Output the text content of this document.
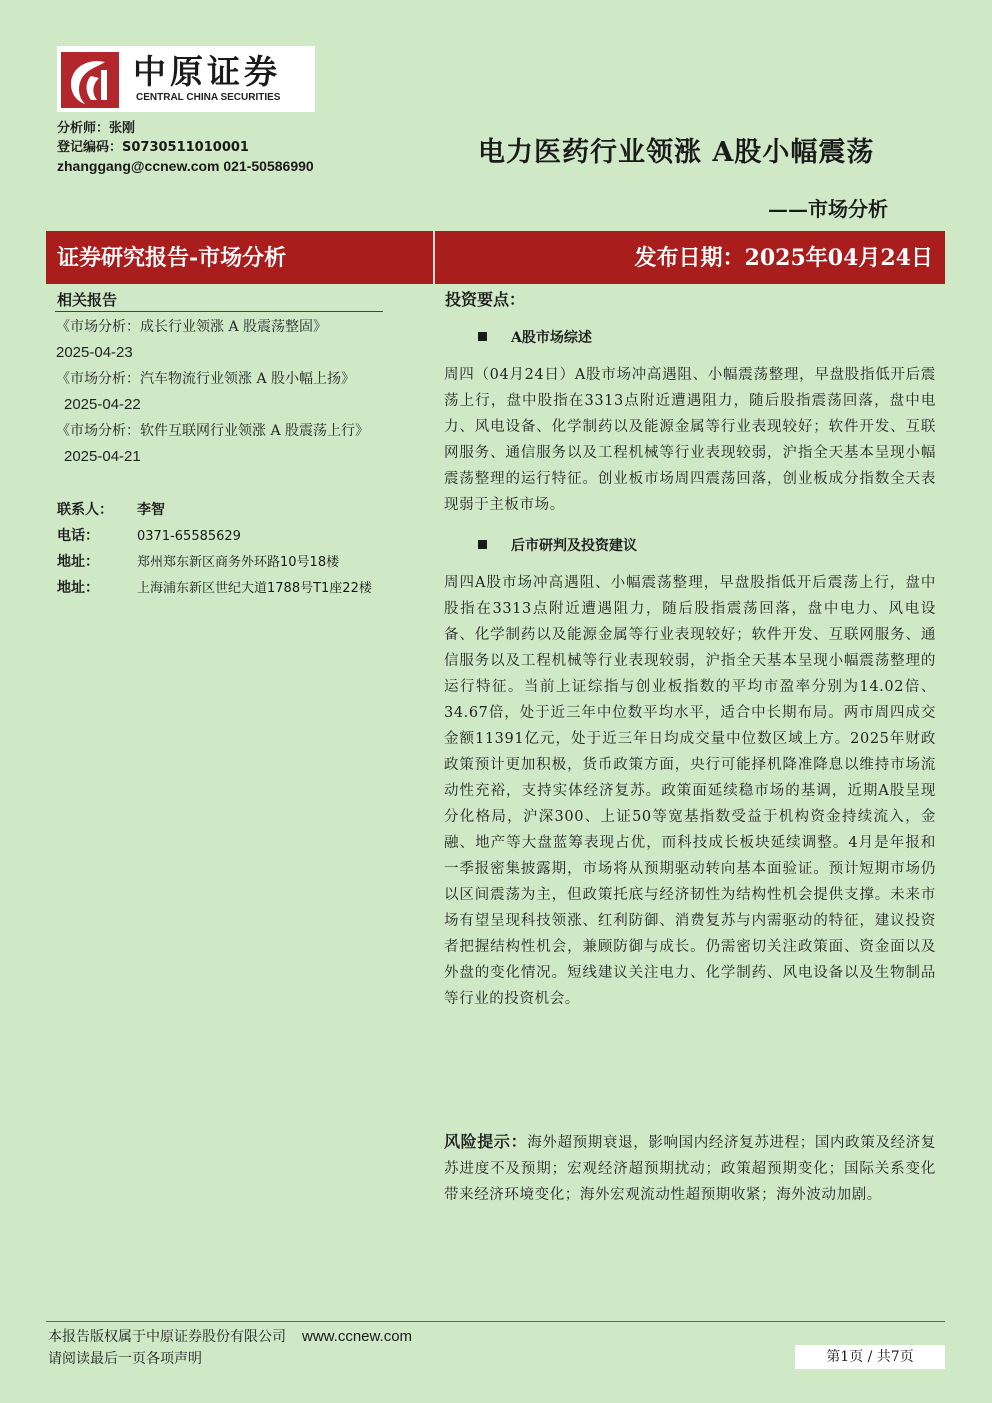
中原证券
CENTRAL CHINA SECURITIES
分析师：张刚
登记编码：S0730511010001
zhanggang@ccnew.com 021-50586990	电力医药行业领涨 A股小幅震荡
——市场分析
证券研究报告-市场分析	发布日期：2025年04月24日
相关报告
《市场分析：成长行业领涨 A 股震荡整固》
2025-04-23
《市场分析：汽车物流行业领涨 A 股小幅上扬》 2025-04-22
《市场分析：软件互联网行业领涨 A 股震荡上行》 2025-04-21
联系人： 李智
电话：	0371-65585629
地址：	郑州郑东新区商务外环路10号18楼
地址：	上海浦东新区世纪大道1788号T1座22楼
投资要点：
A股市场综述
周四（04月24日）A股市场冲高遇阻、小幅震荡整理，早盘股指低开后震荡上行，盘中股指在3313点附近遭遇阻力，随后股指震荡回落，盘中电力、风电设备、化学制药以及能源金属等行业表现较好；软件开发、互联网服务、通信服务以及工程机械等行业表现较弱，沪指全天基本呈现小幅震荡整理的运行特征。创业板市场周四震荡回落，创业板成分指数全天表现弱于主板市场。
后市研判及投资建议
周四A股市场冲高遇阻、小幅震荡整理，早盘股指低开后震荡上行，盘中股指在3313点附近遭遇阻力，随后股指震荡回落，盘中电力、风电设备、化学制药以及能源金属等行业表现较好；软件开发、互联网服务、通信服务以及工程机械等行业表现较弱，沪指全天基本呈现小幅震荡整理的运行特征。当前上证综指与创业板指数的平均市盈率分别为14.02倍、34.67倍，处于近三年中位数平均水平，适合中长期布局。两市周四成交金额11391亿元，处于近三年日均成交量中位数区域上方。2025年财政政策预计更加积极，货币政策方面，央行可能择机降准降息以维持市场流动性充裕，支持实体经济复苏。政策面延续稳市场的基调，近期A股呈现分化格局，沪深300、上证50等宽基指数受益于机构资金持续流入，金融、地产等大盘蓝筹表现占优，而科技成长板块延续调整。4月是年报和一季报密集披露期，市场将从预期驱动转向基本面验证。预计短期市场仍以区间震荡为主，但政策托底与经济韧性为结构性机会提供支撑。未来市场有望呈现科技领涨、红利防御、消费复苏与内需驱动的特征，建议投资者把握结构性机会，兼顾防御与成长。仍需密切关注政策面、资金面以及外盘的变化情况。短线建议关注电力、化学制药、风电设备以及生物制品等行业的投资机会。
风险提示：海外超预期衰退，影响国内经济复苏进程；国内政策及经济复苏进度不及预期；宏观经济超预期扰动；政策超预期变化；国际关系变化带来经济环境变化；海外宏观流动性超预期收紧；海外波动加剧。
本报告版权属于中原证券股份有限公司 www.ccnew.com
请阅读最后一页各项声明	第1页 / 共7页
